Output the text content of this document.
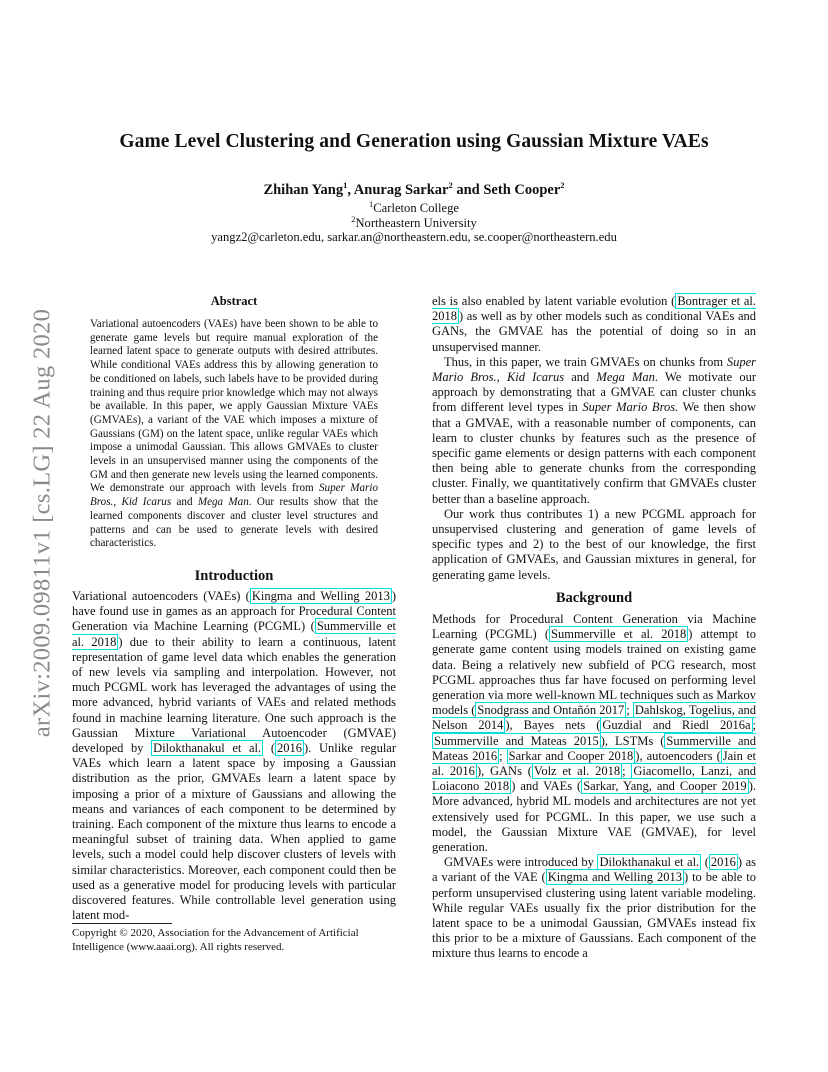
arXiv:2009.09811v1 [cs.LG] 22 Aug 2020
Game Level Clustering and Generation using Gaussian Mixture VAEs
Zhihan Yang$^1$, Anurag Sarkar$^2$ and Seth Cooper$^2$
$^1$Carleton College
$^2$Northeastern University
yangz2@carleton.edu, sarkar.an@northeastern.edu, se.cooper@northeastern.edu
Abstract
Variational autoencoders (VAEs) have been shown to be able to generate game levels but require manual exploration of the learned latent space to generate outputs with desired attributes. While conditional VAEs address this by allowing generation to be conditioned on labels, such labels have to be provided during training and thus require prior knowledge which may not always be available. In this paper, we apply Gaussian Mixture VAEs (GMVAEs), a variant of the VAE which imposes a mixture of Gaussians (GM) on the latent space, unlike regular VAEs which impose a unimodal Gaussian. This allows GMVAEs to cluster levels in an unsupervised manner using the components of the GM and then generate new levels using the learned components. We demonstrate our approach with levels from Super Mario Bros., Kid Icarus and Mega Man. Our results show that the learned components discover and cluster level structures and patterns and can be used to generate levels with desired characteristics.
Introduction

Variational autoencoders (VAEs) ( Kingma and Welling 2013 ) have found use in games as an approach for Procedural Content Generation via Machine Learning (PCGML) ( Summerville et al. 2018 ) due to their ability to learn a continuous, latent representation of game level data which enables the generation of new levels via sampling and interpolation. However, not much PCGML work has leveraged the advantages of using the more advanced, hybrid variants of VAEs and related methods found in machine learning literature. One such approach is the Gaussian Mixture Variational Autoencoder (GMVAE) developed by Dilokthanakul et al. ( 2016 ). Unlike regular VAEs which learn a latent space by imposing a Gaussian distribution as the prior, GMVAEs learn a latent space by imposing a prior of a mixture of Gaussians and allowing the means and variances of each component to be determined by training. Each component of the mixture thus learns to encode a meaningful subset of training data. When applied to game levels, such a model could help discover clusters of levels with similar characteristics. Moreover, each component could then be used as a generative model for producing levels with particular discovered features. While controllable level generation using latent mod-

els is also enabled by latent variable evolution ( Bontrager et al. 2018 ) as well as by other models such as conditional VAEs and GANs, the GMVAE has the potential of doing so in an unsupervised manner.

Thus, in this paper, we train GMVAEs on chunks from Super Mario Bros., Kid Icarus and Mega Man. We motivate our approach by demonstrating that a GMVAE can cluster chunks from different level types in Super Mario Bros. We then show that a GMVAE, with a reasonable number of components, can learn to cluster chunks by features such as the presence of specific game elements or design patterns with each component then being able to generate chunks from the corresponding cluster. Finally, we quantitatively confirm that GMVAEs cluster better than a baseline approach.

Our work thus contributes 1) a new PCGML approach for unsupervised clustering and generation of game levels of specific types and 2) to the best of our knowledge, the first application of GMVAEs, and Gaussian mixtures in general, for generating game levels.

Background

Methods for Procedural Content Generation via Machine Learning (PCGML) ( Summerville et al. 2018 ) attempt to generate game content using models trained on existing game data. Being a relatively new subfield of PCG research, most PCGML approaches thus far have focused on performing level generation via more well-known ML techniques such as Markov models ( Snodgrass and Ontañón 2017 ; Dahlskog, Togelius, and Nelson 2014 ), Bayes nets ( Guzdial and Riedl 2016a ; Summerville and Mateas 2015 ), LSTMs ( Summerville and Mateas 2016 ; Sarkar and Cooper 2018 ), autoencoders ( Jain et al. 2016 ), GANs ( Volz et al. 2018 ; Giacomello, Lanzi, and Loiacono 2018 ) and VAEs ( Sarkar, Yang, and Cooper 2019 ). More advanced, hybrid ML models and architectures are not yet extensively used for PCGML. In this paper, we use such a model, the Gaussian Mixture VAE (GMVAE), for level generation.

GMVAEs were introduced by Dilokthanakul et al. ( 2016 ) as a variant of the VAE ( Kingma and Welling 2013 ) to be able to perform unsupervised clustering using latent variable modeling. While regular VAEs usually fix the prior distribution for the latent space to be a unimodal Gaussian, GMVAEs instead fix this prior to be a mixture of Gaussians. Each component of the mixture thus learns to encode a

Copyright © 2020, Association for the Advancement of Artificial Intelligence (www.aaai.org). All rights reserved.
